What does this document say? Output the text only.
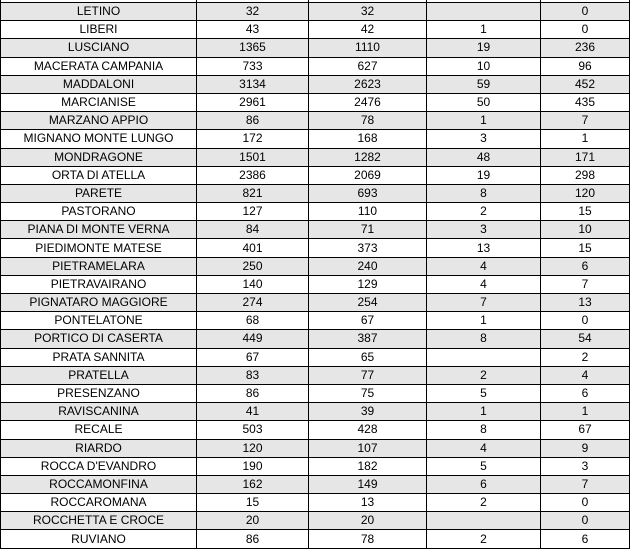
LETINO	32	32		0
LIBERI	43	42	1	0
LUSCIANO	1365	1110	19	236
MACERATA CAMPANIA	733	627	10	96
MADDALONI	3134	2623	59	452
MARCIANISE	2961	2476	50	435
MARZANO APPIO	86	78	1	7
MIGNANO MONTE LUNGO	172	168	3	1
MONDRAGONE	1501	1282	48	171
ORTA DI ATELLA	2386	2069	19	298
PARETE	821	693	8	120
PASTORANO	127	110	2	15
PIANA DI MONTE VERNA	84	71	3	10
PIEDIMONTE MATESE	401	373	13	15
PIETRAMELARA	250	240	4	6
PIETRAVAIRANO	140	129	4	7
PIGNATARO MAGGIORE	274	254	7	13
PONTELATONE	68	67	1	0
PORTICO DI CASERTA	449	387	8	54
PRATA SANNITA	67	65		2
PRATELLA	83	77	2	4
PRESENZANO	86	75	5	6
RAVISCANINA	41	39	1	1
RECALE	503	428	8	67
RIARDO	120	107	4	9
ROCCA D'EVANDRO	190	182	5	3
ROCCAMONFINA	162	149	6	7
ROCCAROMANA	15	13	2	0
ROCCHETTA E CROCE	20	20		0
RUVIANO	86	78	2	6
